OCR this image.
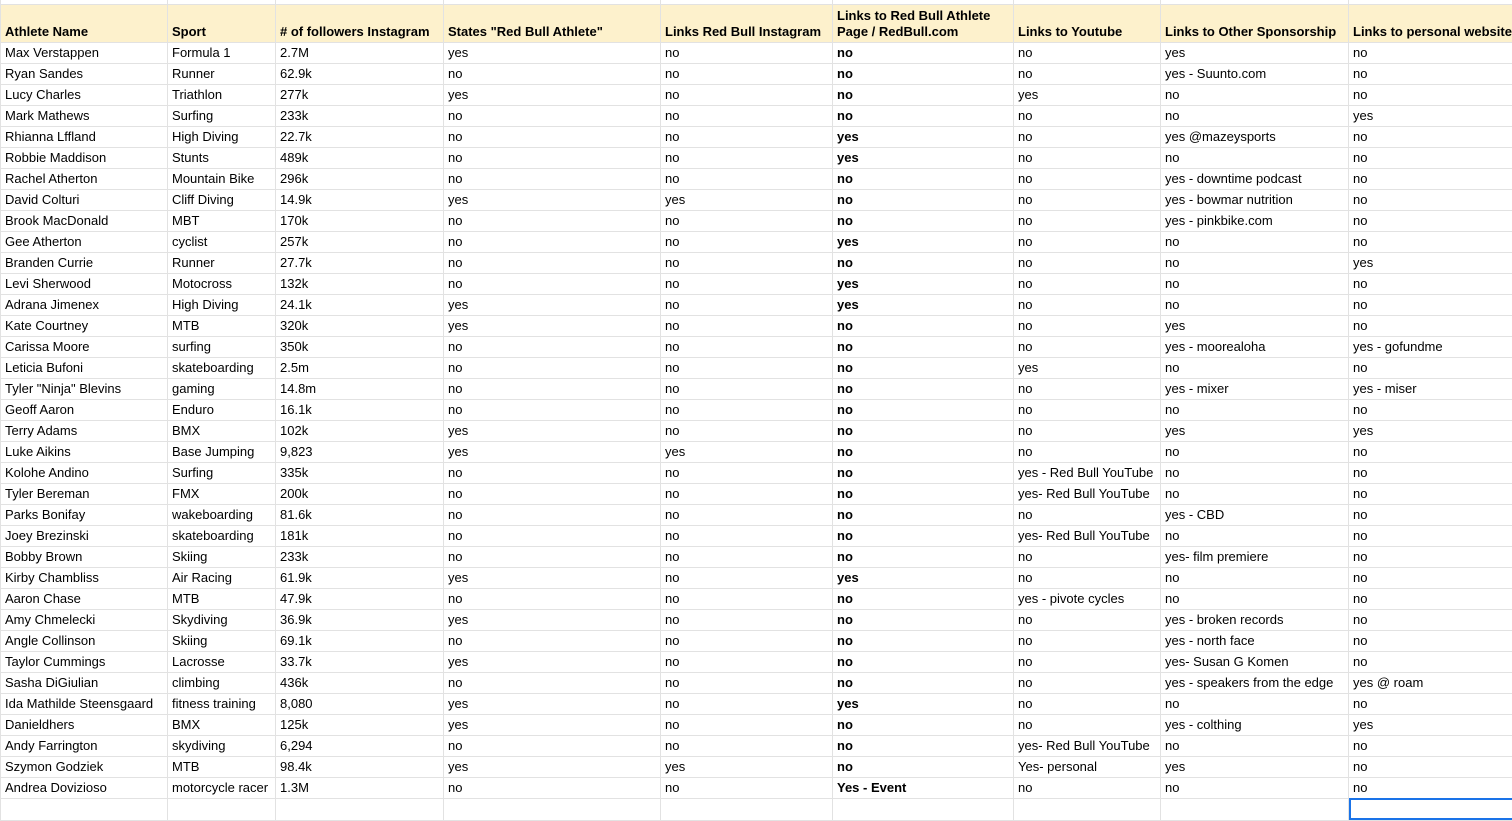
Athlete Name	Sport	# of followers Instagram	States "Red Bull Athlete"	Links Red Bull Instagram	Links to Red Bull Athlete Page / RedBull.com	Links to Youtube	Links to Other Sponsorship	Links to personal website
Max Verstappen	Formula 1	2.7M	yes	no	no	no	yes	no
Ryan Sandes	Runner	62.9k	no	no	no	no	yes - Suunto.com	no
Lucy Charles	Triathlon	277k	yes	no	no	yes	no	no
Mark Mathews	Surfing	233k	no	no	no	no	no	yes
Rhianna Lffland	High Diving	22.7k	no	no	yes	no	yes @mazeysports	no
Robbie Maddison	Stunts	489k	no	no	yes	no	no	no
Rachel Atherton	Mountain Bike	296k	no	no	no	no	yes - downtime podcast	no
David Colturi	Cliff Diving	14.9k	yes	yes	no	no	yes - bowmar nutrition	no
Brook MacDonald	MBT	170k	no	no	no	no	yes - pinkbike.com	no
Gee Atherton	cyclist	257k	no	no	yes	no	no	no
Branden Currie	Runner	27.7k	no	no	no	no	no	yes
Levi Sherwood	Motocross	132k	no	no	yes	no	no	no
Adrana Jimenex	High Diving	24.1k	yes	no	yes	no	no	no
Kate Courtney	MTB	320k	yes	no	no	no	yes	no
Carissa Moore	surfing	350k	no	no	no	no	yes - moorealoha	yes - gofundme
Leticia Bufoni	skateboarding	2.5m	no	no	no	yes	no	no
Tyler "Ninja" Blevins	gaming	14.8m	no	no	no	no	yes - mixer	yes - miser
Geoff Aaron	Enduro	16.1k	no	no	no	no	no	no
Terry Adams	BMX	102k	yes	no	no	no	yes	yes
Luke Aikins	Base Jumping	9,823	yes	yes	no	no	no	no
Kolohe Andino	Surfing	335k	no	no	no	yes - Red Bull YouTube	no	no
Tyler Bereman	FMX	200k	no	no	no	yes- Red Bull YouTube	no	no
Parks Bonifay	wakeboarding	81.6k	no	no	no	no	yes - CBD	no
Joey Brezinski	skateboarding	181k	no	no	no	yes- Red Bull YouTube	no	no
Bobby Brown	Skiing	233k	no	no	no	no	yes- film premiere	no
Kirby Chambliss	Air Racing	61.9k	yes	no	yes	no	no	no
Aaron Chase	MTB	47.9k	no	no	no	yes - pivote cycles	no	no
Amy Chmelecki	Skydiving	36.9k	yes	no	no	no	yes - broken records	no
Angle Collinson	Skiing	69.1k	no	no	no	no	yes - north face	no
Taylor Cummings	Lacrosse	33.7k	yes	no	no	no	yes- Susan G Komen	no
Sasha DiGiulian	climbing	436k	no	no	no	no	yes - speakers from the edge	yes @ roam
Ida Mathilde Steensgaard	fitness training	8,080	yes	no	yes	no	no	no
Danieldhers	BMX	125k	yes	no	no	no	yes - colthing	yes
Andy Farrington	skydiving	6,294	no	no	no	yes- Red Bull YouTube	no	no
Szymon Godziek	MTB	98.4k	yes	yes	no	Yes- personal	yes	no
Andrea Dovizioso	motorcycle racer	1.3M	no	no	Yes - Event	no	no	no
